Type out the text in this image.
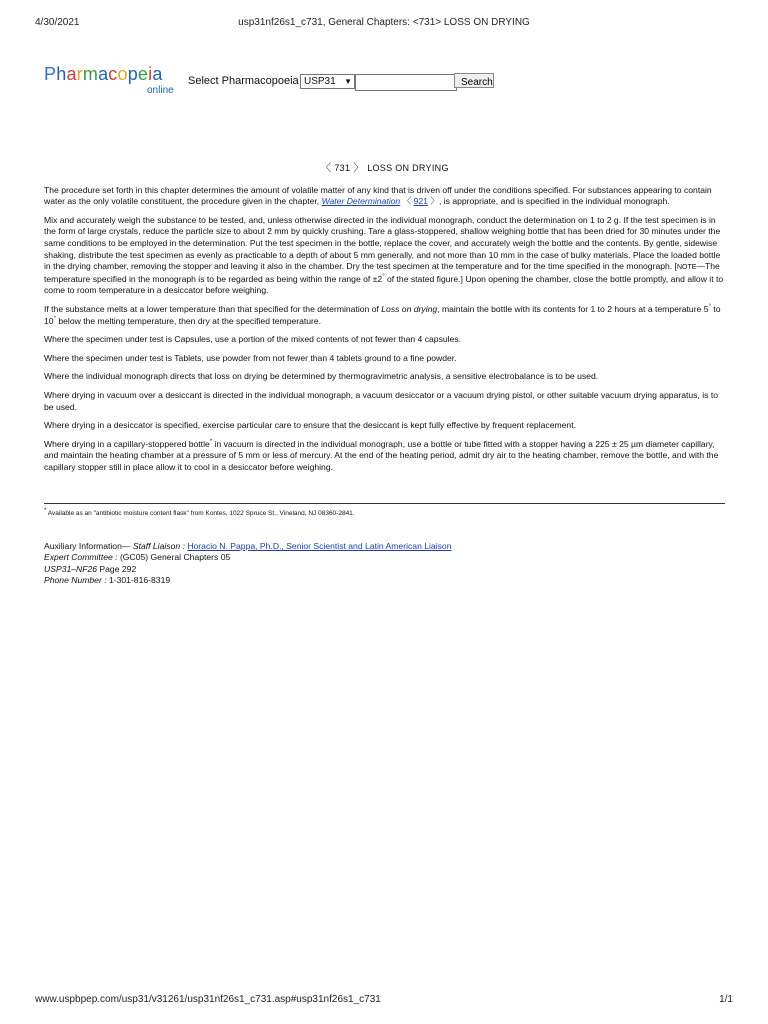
4/30/2021	usp31nf26s1_c731, General Chapters: <731> LOSS ON DRYING
Pharmacopeia
online
Select Pharmacopoeia USP31 ▼	Search
〈 731 〉 LOSS ON DRYING

The procedure set forth in this chapter determines the amount of volatile matter of any kind that is driven off under the conditions specified. For substances appearing to contain water as the only volatile constituent, the procedure given in the chapter, Water Determination 〈 921 〉, is appropriate, and is specified in the individual monograph.

Mix and accurately weigh the substance to be tested, and, unless otherwise directed in the individual monograph, conduct the determination on 1 to 2 g. If the test specimen is in the form of large crystals, reduce the particle size to about 2 mm by quickly crushing. Tare a glass-stoppered, shallow weighing bottle that has been dried for 30 minutes under the same conditions to be employed in the determination. Put the test specimen in the bottle, replace the cover, and accurately weigh the bottle and the contents. By gentle, sidewise shaking, distribute the test specimen as evenly as practicable to a depth of about 5 mm generally, and not more than 10 mm in the case of bulky materials. Place the loaded bottle in the drying chamber, removing the stopper and leaving it also in the chamber. Dry the test specimen at the temperature and for the time specified in the monograph. [NOTE—The temperature specified in the monograph is to be regarded as being within the range of ±2° of the stated figure.] Upon opening the chamber, close the bottle promptly, and allow it to come to room temperature in a desiccator before weighing.

If the substance melts at a lower temperature than that specified for the determination of Loss on drying, maintain the bottle with its contents for 1 to 2 hours at a temperature 5° to 10° below the melting temperature, then dry at the specified temperature.

Where the specimen under test is Capsules, use a portion of the mixed contents of not fewer than 4 capsules.

Where the specimen under test is Tablets, use powder from not fewer than 4 tablets ground to a fine powder.

Where the individual monograph directs that loss on drying be determined by thermogravimetric analysis, a sensitive electrobalance is to be used.

Where drying in vacuum over a desiccant is directed in the individual monograph, a vacuum desiccator or a vacuum drying pistol, or other suitable vacuum drying apparatus, is to be used.

Where drying in a desiccator is specified, exercise particular care to ensure that the desiccant is kept fully effective by frequent replacement.

Where drying in a capillary-stoppered bottle* in vacuum is directed in the individual monograph, use a bottle or tube fitted with a stopper having a 225 ± 25 µm diameter capillary, and maintain the heating chamber at a pressure of 5 mm or less of mercury. At the end of the heating period, admit dry air to the heating chamber, remove the bottle, and with the capillary stopper still in place allow it to cool in a desiccator before weighing.

* Available as an "antibiotic moisture content flask" from Kontes, 1022 Spruce St., Vineland, NJ 08360-2841.
Auxiliary Information— Staff Liaison : Horacio N. Pappa, Ph.D., Senior Scientist and Latin American Liaison
Expert Committee : (GC05) General Chapters 05
USP31–NF26 Page 292
Phone Number : 1-301-816-8319
www.uspbpep.com/usp31/v31261/usp31nf26s1_c731.asp#usp31nf26s1_c731	1/1
